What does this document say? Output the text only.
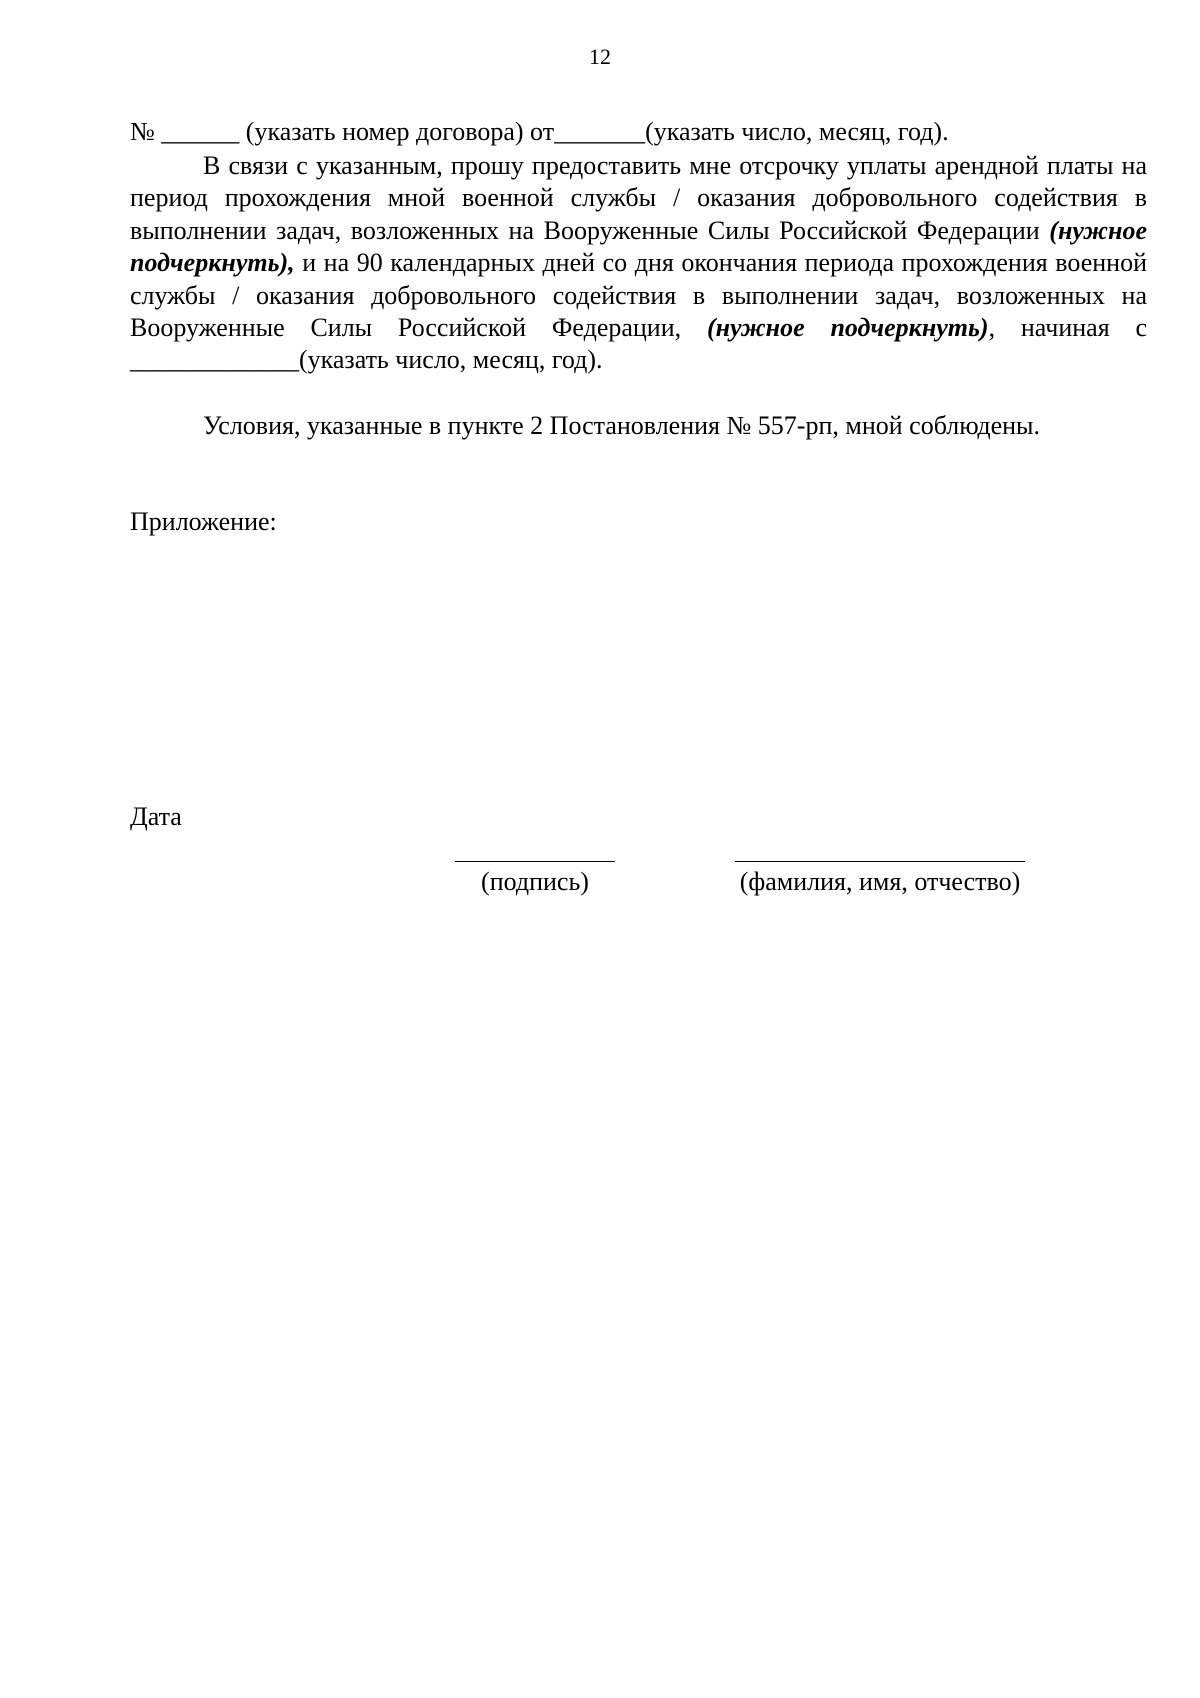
12
№ ______ (указать номер договора) от_______(указать число, месяц, год).
В связи с указанным, прошу предоставить мне отсрочку уплаты арендной платы на период прохождения мной военной службы / оказания добровольного содействия в выполнении задач, возложенных на Вооруженные Силы Российской Федерации (нужное подчеркнуть), и на 90 календарных дней со дня окончания периода прохождения военной службы / оказания добровольного содействия в выполнении задач, возложенных на Вооруженные Силы Российской Федерации, (нужное подчеркнуть), начиная с _____________(указать число, месяц, год).
Условия, указанные в пункте 2 Постановления № 557-рп, мной соблюдены.
Приложение:
Дата
(подпись)	(фамилия, имя, отчество)
